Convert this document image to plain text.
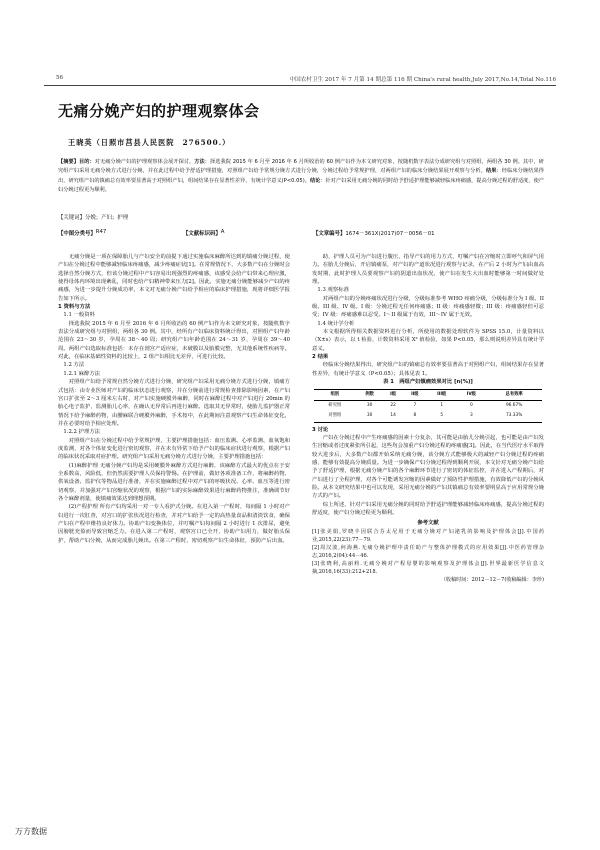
56	中国农村卫生 2017 年 7 月第 14 期总第 116 期 China's rural health,July 2017,No.14,Total No.116
无痛分娩产妇的护理观察体会
王晓英（日照市莒县人民医院　276500.）
【摘要】目的：对无痛分娩产妇的护理观察体会展开探讨。方法：择选我院 2015 年 6 月至 2016 年 6 月所收治的 60 例产妇作为本文研究对象，按随机数字表法分成研究组与对照组，两组各 30 例。其中，研究组产妇采用无痛分娩方式进行分娩，并在此过程中给予舒适护理措施，对照组产妇给予常规分娩方式进行分娩，分娩过程给予常规护理，对两组产妇的临床分娩结果展开观察与分析。结果：经临床分娩结果得出，研究组产妇的镇痛总有效率要显著高于对照组产妇，组间结果存在显著性差异，有统计学意义(P<0.05)。结论：针对产妇采用无痛分娩的同时给予舒适护理能够减轻临床疼痛感，提高分娩过程的舒适度，使产妇分娩过程更为顺利。
【关键词】分娩；产妇；护理
【中图分类号】 R47	【文献标识码】 A	【文章编号】 1674－361X(2017)07－0056－01

无痛分娩是一项在保障胎儿与产妇安全的前提下通过实施临床麻醉所达到的镇痛分娩过程，使产妇在分娩过程中能够减轻临床疼痛感，减少疼痛症状[1]。在常规情况下，大多数产妇在分娩时会选择自然分娩方式，但该分娩过程中产妇容易出现强烈的疼痛感，该感受会给产妇带来心理应激，使得母体内环境出现紊乱，同时也给产妇精神带来压力[2]。因此，实施无痛分娩能够减少产妇的疼痛感，为进一步提升分娩成功率，本文对无痛分娩产妇给予相应的临床护理措施，现将详细医学报告如下所示。

1 资料与方法

1.1 一般资料

择选我院 2015 年 6 月至 2016 年 6 月所收治的 60 例产妇作为本文研究对象，按随机数字表法分成研究组与对照组，两组各 30 例。其中，经所有产妇临床资料统计得出，对照组产妇年龄范围在 23～30 岁，孕周在 38～40 周；研究组产妇年龄范围在 24～31 岁，孕周在 39～40 周。两组产妇选取标准包括：未存在剖宫产适应症，未破膜以及胎膜完整，无其他系统性疾病等。对此，在临床基础性资料的比较上，2 组产妇相比无差异，可进行比较。

1.2 方法

1.2.1 麻醉方法

对照组产妇给予常规自然分娩方式进行分娩，研究组产妇采用无痛分娩方式进行分娩，镇痛方式包括：由专业医师对产妇的临床状态进行观察，并在分娩前进行常规检查排除影响因素，在产妇宫口扩张至 2～3 厘米左右时，对产妇实施硬膜外麻醉，同时在麻醉过程中对产妇进行 20min 的胎心电子监护，监测胎儿心率，在确认无异常后再进行麻醉。选取其无异常时，使胎儿监护器正常情况下给予麻醉药物，由腰麻联合硬膜外麻醉，手术按中，在此期间注意观察产妇生命体征变化，并在必要时给予相应处理。

1.2.2 护理方法

对照组产妇在分娩过程中给予常规护理，主要护理措施包括：血压监测、心率监测、血氧饱和度监测，对各个体征变化进行密切观察，并在未有异常下给予产妇的临床症状进行观察，根据产妇的临床状况采取对症护理。研究组产妇采用无痛分娩方式进行分娩，主要护理措施包括：

(1)麻醉护理 无痛分娩产妇均是采用硬膜外麻醉方式进行麻醉，该麻醉方式最大的优点在于安全系数高，风险低，但仍然需要护理人员保持警惕。在护理前，做好各项准备工作，将麻醉药物、供氧设备、监护仪等物品进行准备，并在实施麻醉过程中对产妇的呼吸状况、心率、血压等进行密切观察，并加强对产妇宫缩状况的观察，根据产妇的实际麻醉效果进行麻醉药物推注，准确调节好各个麻醉剂量，使镇痛效果达到理想预期。

(2)产程护理 所有产妇均采用一对一专人看护式分娩。在进入第一产程时，每间隔 1 小时对产妇进行一次肛查，对宫口的扩张状况进行检查，并对产妇给予一定的高热量食品和清淡饮食，确保产妇在产程中维持良好体力。协助产妇变换体位，并叮嘱产妇每间隔 2 小时进行 1 次排尿，避免因膀胱充盈而导致宫缩乏力。在进入第二产程时，观察宫口已全开，协助产妇用力，做好胎头保护，帮助产妇分娩，从而完成胎儿娩出。在第三产程时，密切观察产妇生命体征，预防产后出血。

助，护理人员可为产妇进行腹压，指导产妇的用力方式，叮嘱产妇在宫缩时立即呼气和屏气用力。在胎儿分娩后，开启镇痛泵，对产妇的产道状况进行观察与记录，在产后 2 小时为产妇由血高发时期，此时护理人员要观察产妇的阴道出血状况，使产妇在发生大出血时能够第一时间做好处理。

1.3 观察标准

对两组产妇的分娩疼痛状况进行分级，分级标准参考 WHO 疼痛分级，分级标准分为 I 级、II 级、III 级、IV 级。I 级：分娩过程无任何疼痛感；II 级：疼痛感轻微；III 级：疼痛感轻但可忍受；IV 级：疼痛感难以忍受。I～II 级属于有效，III～IV 属于无效。

1.4 统计学分析

本文根据所得相关数据资料进行分析，所使用的数据处理软件为 SPSS 15.0，计量资料以（X±s）表示，以 t 检验，计数资料采用 X² 值检验，如果 P<0.05，那么则说明差异具有统计学意义。

2 结果

经临床分娩结果得出，研究组产妇的镇痛总有效率要显著高于对照组产妇，组间结果存在显著性差异，有统计学意义（P<0.05）；具体见表 1。

表 1　两组产妇镇痛效果对比 [n(%)]
组别	例数	I级	II级	III级	IV级	总有效率
研究组	30	22	7	1	0	96.67%
对照组	30	14	8	5	3	73.33%

3 讨论

产妇在分娩过程中产生疼痛感的因素十分复杂，其可能是由胎儿分娩引起，也可能是由产妇发生宫缩或者过度紧张所引起，这些均会加重产妇分娩过程的疼痛感[3]。因此，在当代医疗水平取得较大进步后，大多数产妇都开始采纳无痛分娩，该分娩方式能够极大的减轻产妇分娩过程的疼痛感，能够有效提高分娩质量。为进一步确保产妇分娩过程得到顺利开展，本文针对无痛分娩产妇给予了舒适护理，根据无痛分娩产妇的各个麻醉环节进行了密切的体征监控，并在进入产程期后，对产妇进行了全程护理，对各个可能诱发宫缩的因素做好了预防性护理措施，有效降低产妇的分娩风险。从本文研究结果中也可以发现，采用无痛分娩的产妇其镇痛总有效率要明显高于应用常规分娩方式的产妇。

综上所述，针对产妇采用无痛分娩的同时给予舒适护理能够减轻临床疼痛感，提高分娩过程的舒适度，使产妇分娩过程更为顺利。

参考文献

[1]张美娟,罗晓丰因联合芬太尼用于无痛分娩对产妇泌乳的影响及护理体会[J].中国药业,2015,22(23):77－79.

[2]周汉波,何海燕.无痛分娩护理中责任助产与整体护理模式的应用效果[J].中医药管理杂志,2016,2(04):44－46.

[3]张晓利,高丽莉.无痛分娩对产程母婴的影响观察及护理体会[J].世界最新医学信息文摘,2016,16(33):212+218.

（收稿时间：2012－12－7(收稿编辑：李珍)

万方数据
